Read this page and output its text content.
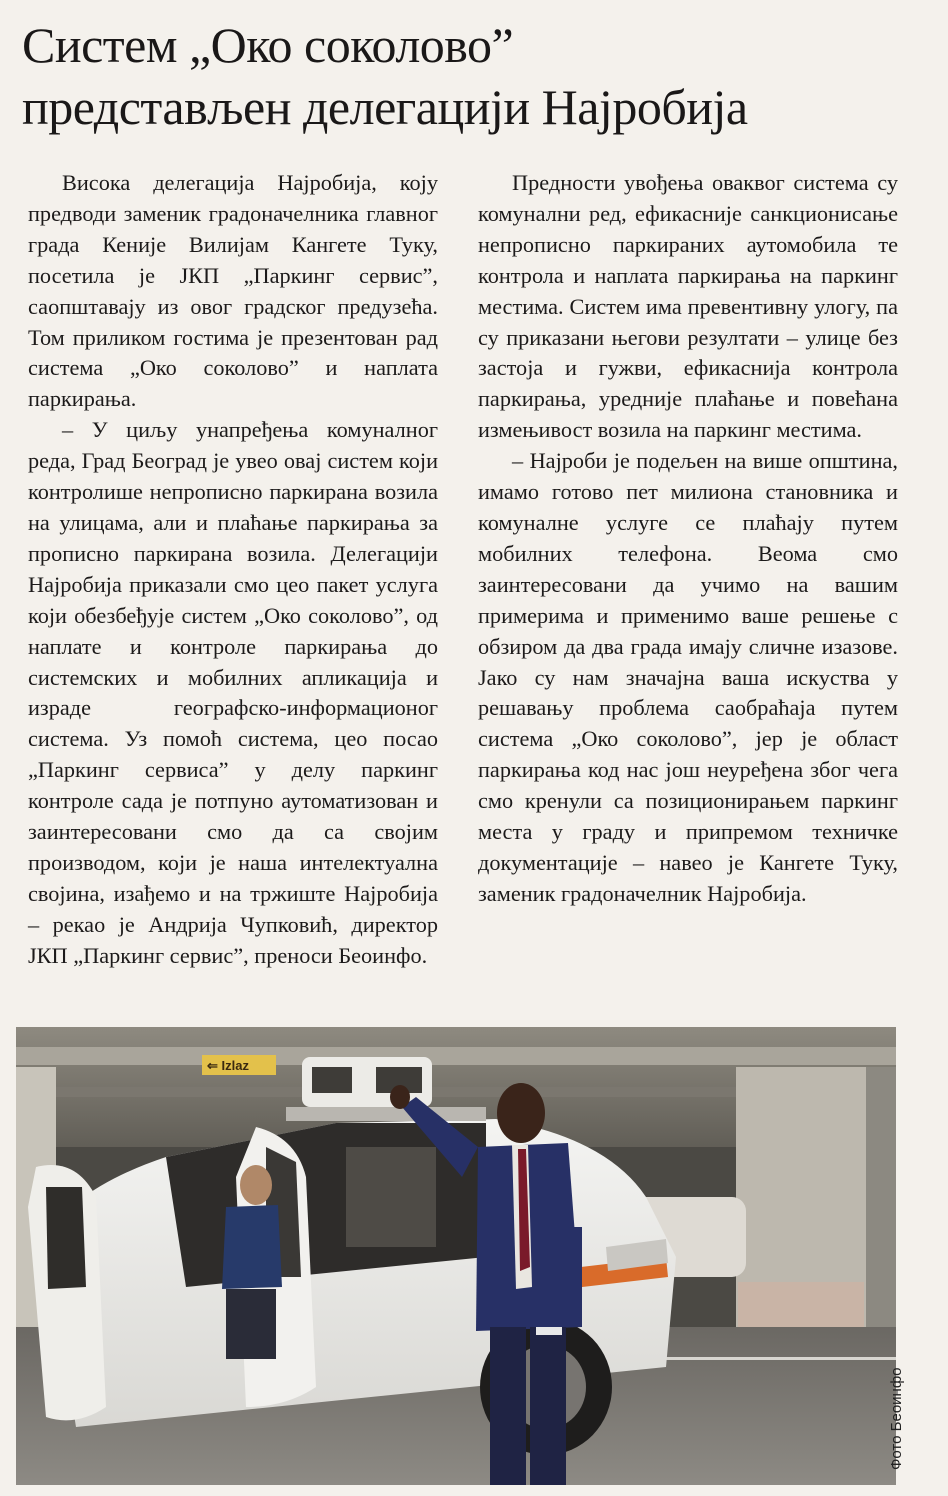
Систем „Око соколово”
представљен делегацији Најробија

Висока делегација Најробија, коју предводи заменик градоначелника главног града Кеније Вилијам Кангете Туку, посетила је ЈКП „Паркинг сервис”, саопштавају из овог градског предузећа. Том приликом гостима је презентован рад система „Око соколово” и наплата паркирања.

– У циљу унапређења комуналног реда, Град Београд је увео овај систем који контролише непрописно паркирана возила на улицама, али и плаћање паркирања за прописно паркирана возила. Делегацији Најробија приказали смо цео пакет услуга који обезбеђује систем „Око соколово”, од наплате и контроле паркирања до системских и мобилних апликација и израде географско-информационог система. Уз помоћ система, цео посао „Паркинг сервиса” у делу паркинг контроле сада је потпуно аутоматизован и заинтересовани смо да са својим производом, који је наша интелектуална својина, изађемо и на тржиште Најробија – рекао је Андрија Чупковић, директор ЈКП „Паркинг сервис”, преноси Беоинфо.

Предности увођења оваквог система су комунални ред, ефикасније санкционисање непрописно паркираних аутомобила те контрола и наплата паркирања на паркинг местима. Систем има превентивну улогу, па су приказани његови резултати – улице без застоја и гужви, ефикаснија контрола паркирања, уредније плаћање и повећана измењивост возила на паркинг местима.

– Најроби је подељен на више општина, имамо готово пет милиона становника и комуналне услуге се плаћају путем мобилних телефона. Веома смо заинтересовани да учимо на вашим примерима и применимо ваше решење с обзиром да два града имају сличне изазове. Јако су нам значајна ваша искуства у решавању проблема саобраћаја путем система „Око соколово”, јер је област паркирања код нас још неуређена због чега смо кренули са позиционирањем паркинг места у граду и припремом техничке документације – навео је Кангете Туку, заменик градоначелник Најробија.

⇐ Izlaz
Фото Беоинфо
